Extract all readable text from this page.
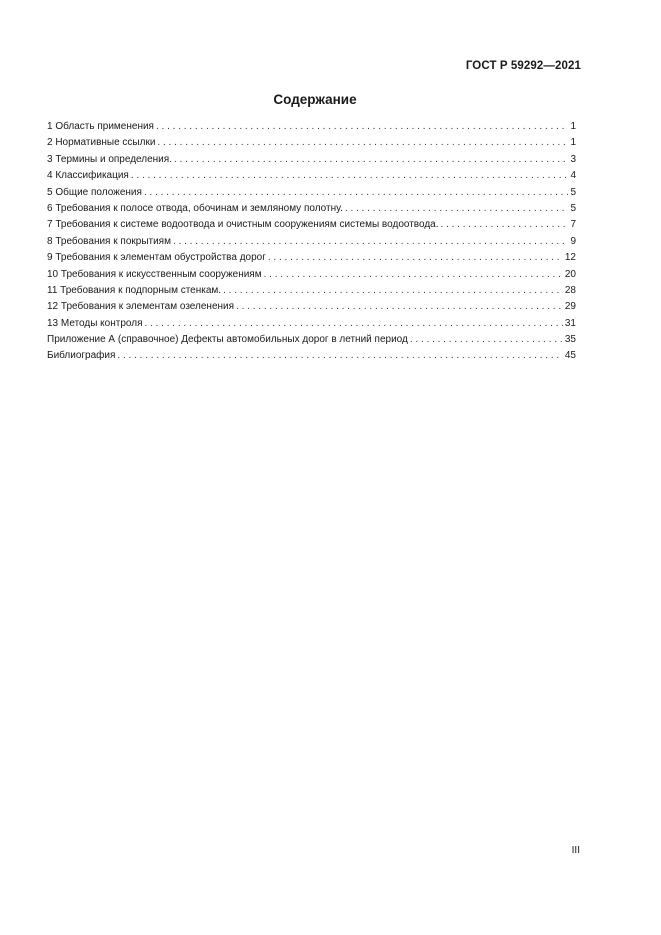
ГОСТ Р 59292—2021
Содержание
1 Область применения . . .	1
2 Нормативные ссылки . . .	1
3 Термины и определения. . . .	3
4 Классификация . . .	4
5 Общие положения . . .	5
6 Требования к полосе отвода, обочинам и земляному полотну. . . .	5
7 Требования к системе водоотвода и очистным сооружениям системы водоотвода. . . .	7
8 Требования к покрытиям . . .	9
9 Требования к элементам обустройства дорог . . .	12
10 Требования к искусственным сооружениям . . .	20
11 Требования к подпорным стенкам. . . .	28
12 Требования к элементам озеленения . . .	29
13 Методы контроля . . .	31
Приложение А (справочное) Дефекты автомобильных дорог в летний период . . .	35
Библиография . . .	45
III
